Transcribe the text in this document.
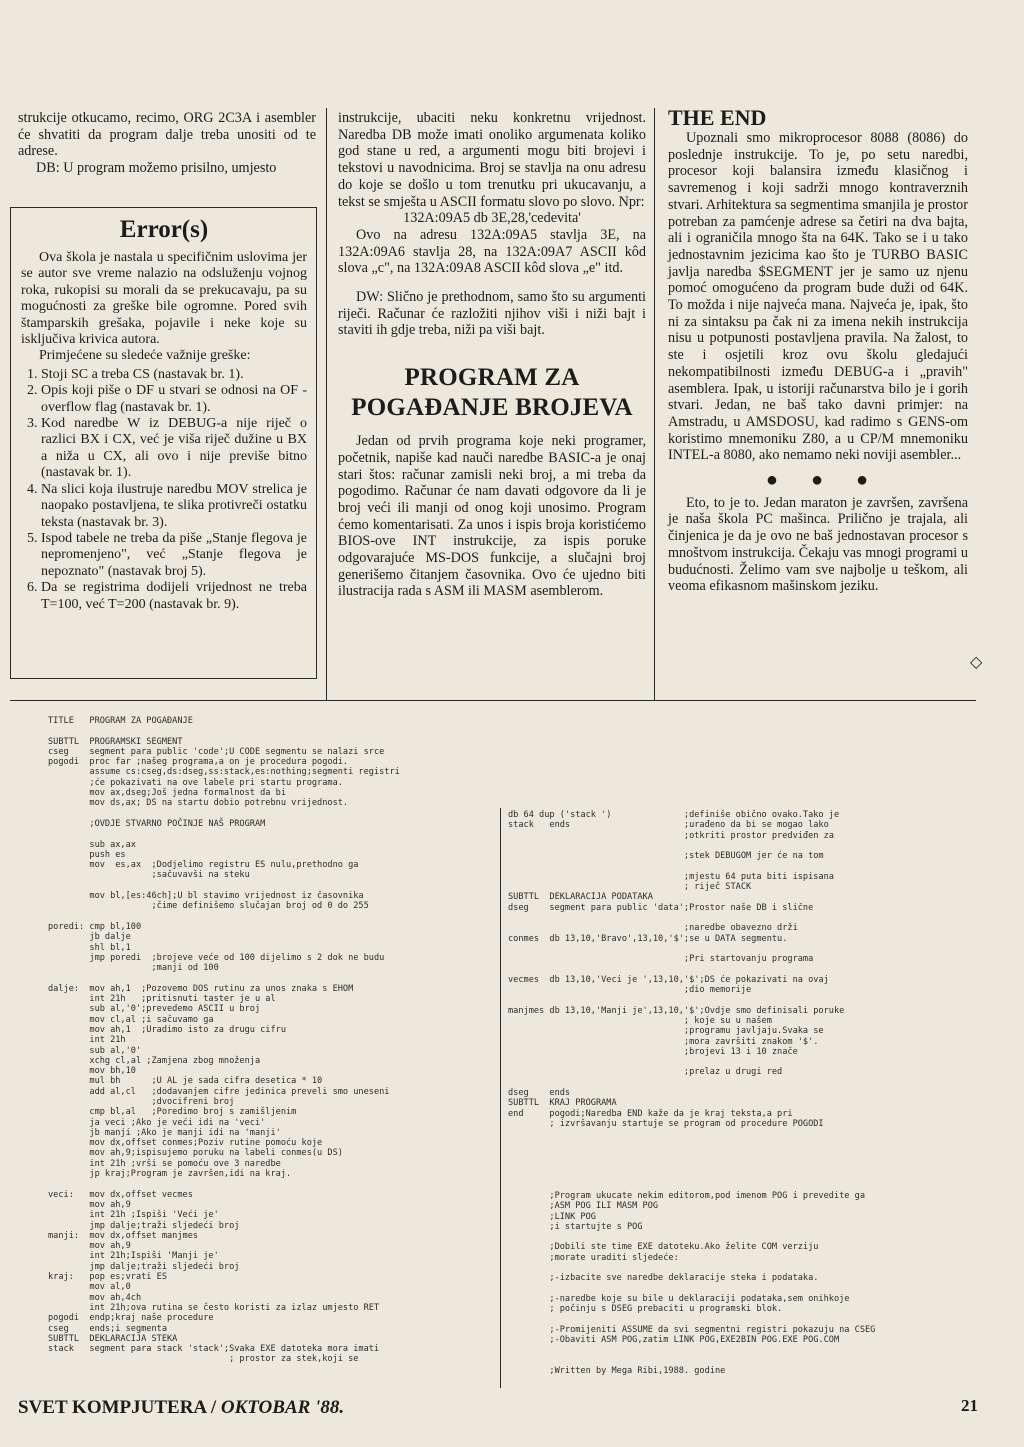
strukcije otkucamo, recimo, ORG 2C3A i asembler će shvatiti da program dalje treba unositi od te adrese.

DB: U program možemo prisilno, umjesto

Error(s)

Ova škola je nastala u specifičnim uslovima jer se autor sve vreme nalazio na odsluženju vojnog roka, rukopisi su morali da se prekucavaju, pa su mogućnosti za greške bile ogromne. Pored svih štamparskih grešaka, pojavile i neke koje su isključiva krivica autora.

Primjećene su sledeće važnije greške:

1. Stoji SC a treba CS (nastavak br. 1).
2. Opis koji piše o DF u stvari se odnosi na OF - overflow flag (nastavak br. 1).
3. Kod naredbe W iz DEBUG-a nije riječ o razlici BX i CX, već je viša riječ dužine u BX a niža u CX, ali ovo i nije previše bitno (nastavak br. 1).
4. Na slici koja ilustruje naredbu MOV strelica je naopako postavljena, te slika protivreči ostatku teksta (nastavak br. 3).
5. Ispod tabele ne treba da piše „Stanje flegova je nepromenjeno", već „Stanje flegova je nepoznato" (nastavak broj 5).
6. Da se registrima dodijeli vrijednost ne treba T=100, već T=200 (nastavak br. 9).

instrukcije, ubaciti neku konkretnu vrijednost. Naredba DB može imati onoliko argumenata koliko god stane u red, a argumenti mogu biti brojevi i tekstovi u navodnicima. Broj se stavlja na onu adresu do koje se došlo u tom trenutku pri ukucavanju, a tekst se smješta u ASCII formatu slovo po slovo. Npr:

132A:09A5 db 3E,28,'cedevita'

Ovo na adresu 132A:09A5 stavlja 3E, na 132A:09A6 stavlja 28, na 132A:09A7 ASCII kôd slova „c", na 132A:09A8 ASCII kôd slova „e" itd.

DW: Slično je prethodnom, samo što su argumenti riječi. Računar će razložiti njihov viši i niži bajt i staviti ih gdje treba, niži pa viši bajt.

PROGRAM ZA POGAĐANJE BROJEVA

Jedan od prvih programa koje neki programer, početnik, napiše kad nauči naredbe BASIC-a je onaj stari štos: računar zamisli neki broj, a mi treba da pogodimo. Računar će nam davati odgovore da li je broj veći ili manji od onog koji unosimo. Program ćemo komentarisati. Za unos i ispis broja koristićemo BIOS-ove INT instrukcije, za ispis poruke odgovarajuće MS-DOS funkcije, a slučajni broj generišemo čitanjem časovnika. Ovo će ujedno biti ilustracija rada s ASM ili MASM asemblerom.

THE END

Upoznali smo mikroprocesor 8088 (8086) do poslednje instrukcije. To je, po setu naredbi, procesor koji balansira između klasičnog i savremenog i koji sadrži mnogo kontraverznih stvari. Arhitektura sa segmentima smanjila je prostor potreban za pamćenje adrese sa četiri na dva bajta, ali i ograničila mnogo šta na 64K. Tako se i u tako jednostavnim jezicima kao što je TURBO BASIC javlja naredba $SEGMENT jer je samo uz njenu pomoć omogućeno da program bude duži od 64K. To možda i nije najveća mana. Najveća je, ipak, što ni za sintaksu pa čak ni za imena nekih instrukcija nisu u potpunosti postavljena pravila. Na žalost, to ste i osjetili kroz ovu školu gledajući nekompatibilnosti između DEBUG-a i „pravih" asemblera. Ipak, u istoriji računarstva bilo je i gorih stvari. Jedan, ne baš tako davni primjer: na Amstradu, u AMSDOSU, kad radimo s GENS-om koristimo mnemoniku Z80, a u CP/M mnemoniku INTEL-a 8080, ako nemamo neki noviji asembler...

● ● ●

Eto, to je to. Jedan maraton je završen, završena je naša škola PC mašinca. Prilično je trajala, ali činjenica je da je ovo ne baš jednostavan procesor s mnoštvom instrukcija. Čekaju vas mnogi programi u budućnosti. Želimo vam sve najbolje u teškom, ali veoma efikasnom mašinskom jeziku.

◇
TITLE   PROGRAM ZA POGAĐANJE

SUBTTL  PROGRAMSKI SEGMENT
cseg    segment para public 'code';U CODE segmentu se nalazi srce
pogodi  proc far ;našeg programa,a on je procedura pogodi.
assume cs:cseg,ds:dseg,ss:stack,es:nothing;segmenti registri
;će pokazivati na ove labele pri startu programa.
mov ax,dseg;Još jedna formalnost da bi
mov ds,ax; DS na startu dobio potrebnu vrijednost.

;OVDJE STVARNO POČINJE NAŠ PROGRAM

sub ax,ax
push es
mov  es,ax  ;Dodjelimo registru ES nulu,prethodno ga
;sačuvavši na steku

mov bl,[es:46ch];U bl stavimo vrijednost iz časovnika
;čime definišemo slučajan broj od 0 do 255

poredi: cmp bl,100
jb dalje
shl bl,1
jmp poredi  ;brojeve veće od 100 dijelimo s 2 dok ne budu
;manji od 100

dalje:  mov ah,1  ;Pozovemo DOS rutinu za unos znaka s EHOM
int 21h   ;pritisnuti taster je u al
sub al,'0';prevedemo ASCII u broj
mov cl,al ;i sačuvamo ga
mov ah,1  ;Uradimo isto za drugu cifru
int 21h
sub al,'0'
xchg cl,al ;Zamjena zbog množenja
mov bh,10
mul bh      ;U AL je sada cifra desetica * 10
add al,cl   ;dodavanjem cifre jedinica preveli smo uneseni
;dvocifreni broj
cmp bl,al   ;Poredimo broj s zamišljenim
ja veci ;Ako je veći idi na 'veci'
jb manji ;Ako je manji idi na 'manji'
mov dx,offset conmes;Poziv rutine pomoću koje
mov ah,9;ispisujemo poruku na labeli conmes(u DS)
int 21h ;vrši se pomoću ove 3 naredbe
jp kraj;Program je završen,idi na kraj.

veci:   mov dx,offset vecmes
mov ah,9
int 21h ;Ispiši 'Veći je'
jmp dalje;traži sljedeći broj
manji:  mov dx,offset manjmes
mov ah,9
int 21h;Ispiši 'Manji je'
jmp dalje;traži sljedeći broj
kraj:   pop es;vrati ES
mov al,0
mov ah,4ch
int 21h;ova rutina se često koristi za izlaz umjesto RET
pogodi  endp;kraj naše procedure
cseg    ends;i segmenta
SUBTTL  DEKLARACIJA STEKA
stack   segment para stack 'stack';Svaka EXE datoteka mora imati
; prostor za stek,koji se

db 64 dup ('stack ')              ;definiše obično ovako.Tako je
stack   ends                      ;urađeno da bi se mogao lako
;otkriti prostor predviđen za

;stek DEBUGOM jer će na tom

;mjestu 64 puta biti ispisana
; riječ STACK
SUBTTL  DEKLARACIJA PODATAKA
dseg    segment para public 'data';Prostor naše DB i slične

;naredbe obavezno drži
conmes  db 13,10,'Bravo',13,10,'$';se u DATA segmentu.

;Pri startovanju programa

vecmes  db 13,10,'Veci je ',13,10,'$';DS će pokazivati na ovaj
;dio memorije

manjmes db 13,10,'Manji je',13,10,'$';Ovdje smo definisali poruke
; koje su u našem
;programu javljaju.Svaka se
;mora završiti znakom '$'.
;brojevi 13 i 10 znače

;prelaz u drugi red

dseg    ends
SUBTTL  KRAJ PROGRAMA
end     pogodi;Naredba END kaže da je kraj teksta,a pri
; izvršavanju startuje se program od procedure POGODI

;Program ukucate nekim editorom,pod imenom POG i prevedite ga
;ASM POG ILI MASM POG
;LINK POG
;i startujte s POG

;Dobili ste time EXE datoteku.Ako želite COM verziju
;morate uraditi sljedeće:

;-izbacite sve naredbe deklaracije steka i podataka.

;-naredbe koje su bile u deklaraciji podataka,sem onihkoje
; počinju s DSEG prebaciti u programski blok.

;-Promijeniti ASSUME da svi segmentni registri pokazuju na CSEG
;-Obaviti ASM POG,zatim LINK POG,EXE2BIN POG.EXE POG.COM

;Written by Mega Ribi,1988. godine

SVET KOMPJUTERA / OKTOBAR '88.	21
